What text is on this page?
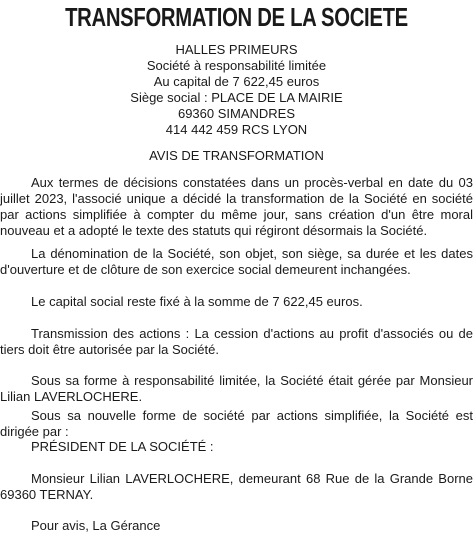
TRANSFORMATION DE LA SOCIETE
HALLES PRIMEURS
Société à responsabilité limitée
Au capital de 7 622,45 euros
Siège social : PLACE DE LA MAIRIE
69360 SIMANDRES
414 442 459 RCS LYON
AVIS DE TRANSFORMATION

Aux termes de décisions constatées dans un procès-verbal en date du 03 juillet 2023, l'associé unique a décidé la transformation de la Société en société par actions simplifiée à compter du même jour, sans création d'un être moral nouveau et a adopté le texte des statuts qui régiront désormais la Société.

La dénomination de la Société, son objet, son siège, sa durée et les dates d'ouverture et de clôture de son exercice social demeurent inchangées.

Le capital social reste fixé à la somme de 7 622,45 euros.

Transmission des actions : La cession d'actions au profit d'associés ou de tiers doit être autorisée par la Société.

Sous sa forme à responsabilité limitée, la Société était gérée par Monsieur Lilian LAVERLOCHERE.

Sous sa nouvelle forme de société par actions simplifiée, la Société est dirigée par :

PRÉSIDENT DE LA SOCIÉTÉ :

Monsieur Lilian LAVERLOCHERE, demeurant 68 Rue de la Grande Borne 69360 TERNAY.

Pour avis, La Gérance
